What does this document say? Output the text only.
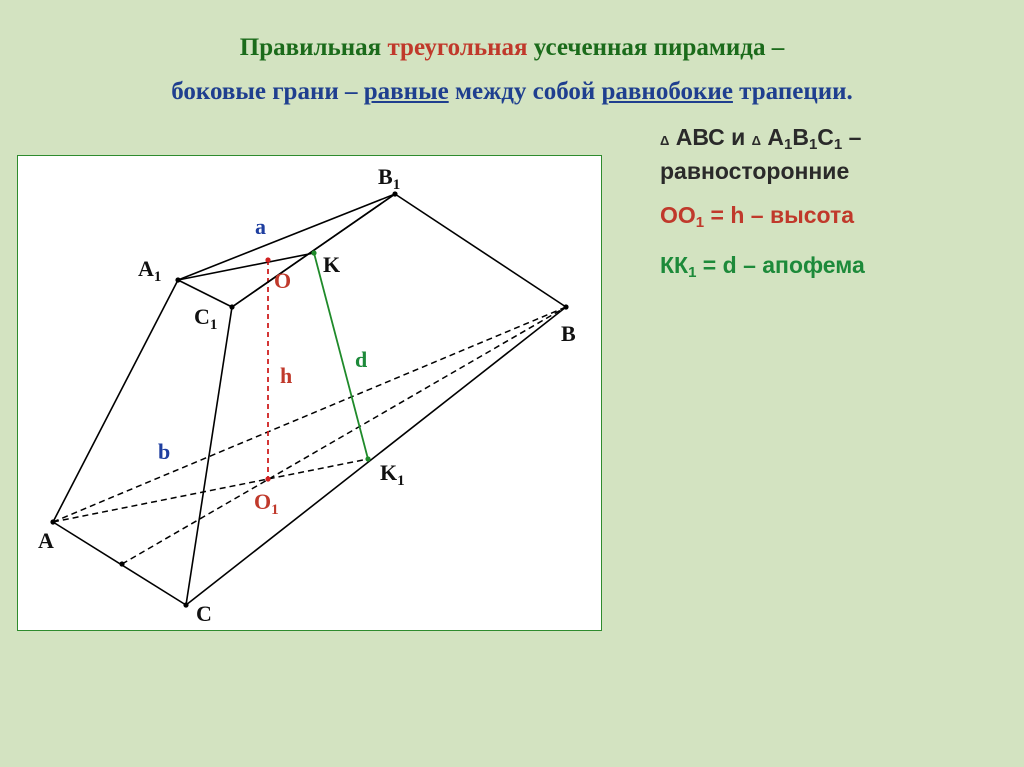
Правильная треугольная усеченная пирамида –
боковые грани – равные между собой равнобокие трапеции.
A
B
C
$A_1$
$B_1$
$C_1$
O
$O_1$
K
$K_1$
a
b
h
d

Δ АВС и Δ А1В1С1 –
равносторонние

ОО1 = h – высота

КК1 = d – апофема
